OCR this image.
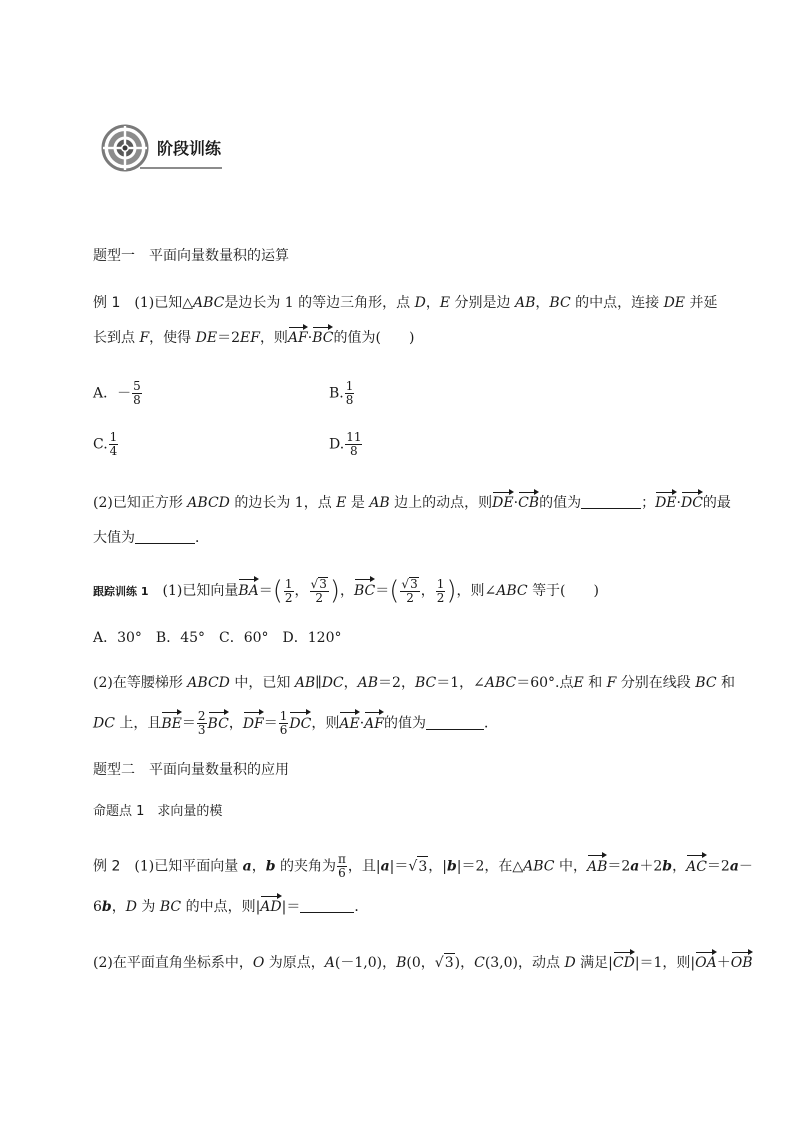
阶段训练
题型一　平面向量数量积的运算
例 1　 (1)已知△ABC是边长为 1 的等边三角形，点 D，E 分别是边 AB，BC 的中点，连接 DE 并延
长到点 F，使得 DE＝2EF，则AF·BC的值为(　　)
A．－ $\frac{5}{8}$	B. $\frac{1}{8}$
C. $\frac{1}{4}$	D. $\frac{11}{8}$
(2)已知正方形 ABCD 的边长为 1，点 E 是 AB 边上的动点，则DE·CB的值为	；DE·DC的最
大值为	．
跟踪训练 1　 (1)已知向量$BA=( \frac{1}{2}$ ， $\frac{√3}{2}$ )，$BC=( \frac{√3}{2}$ ， $\frac{1}{2}$ )，则∠ABC 等于(　　)
A．30°　B．45°　C．60°　D．120°
(2)在等腰梯形 ABCD 中，已知 AB∥DC，AB＝2，BC＝1，∠ABC＝60°.点E 和 F 分别在线段 BC 和
DC 上，且$BE= \frac{2}{3}$ BC，$DF= \frac{1}{6}$ DC，则AE·AF的值为	．
题型二　平面向量数量积的应用
命题点 1　求向量的模
例 2　 (1)已知平面向量 a，b 的夹角为 $\frac{\pi}{6}$ ，且|a|＝√3，|b|＝2，在△ABC 中，AB＝2a＋2b，AC＝2a－
6b，D 为 BC 的中点，则|AD|＝	．
(2)在平面直角坐标系中，O 为原点，A(－1,0)，B(0，√3)，C(3,0)，动点 D 满足|CD|＝1，则|OA＋OB
